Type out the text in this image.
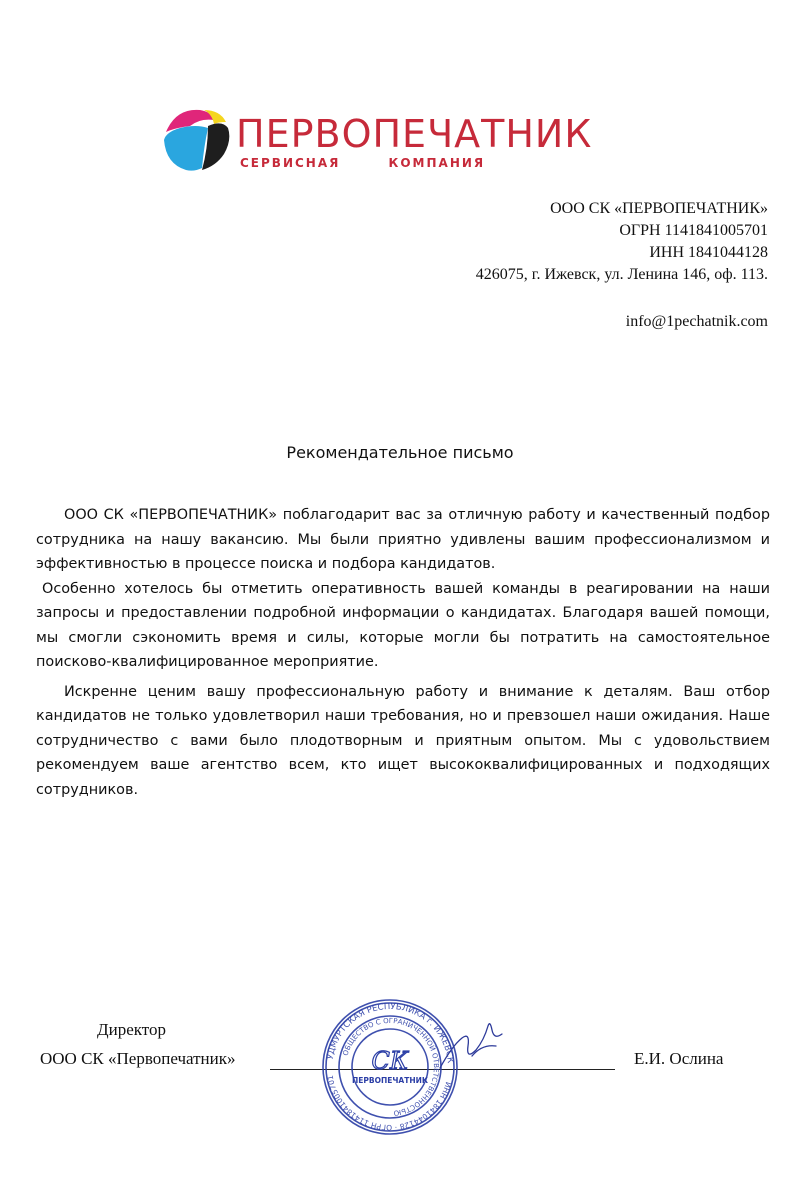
ПЕРВОПЕЧАТНИК
СЕРВИСНАЯ КОМПАНИЯ
ООО СК «ПЕРВОПЕЧАТНИК»
ОГРН 1141841005701
ИНН 1841044128
426075, г. Ижевск, ул. Ленина 146, оф. 113.
info@1pechatnik.com
Рекомендательное письмо

ООО СК «ПЕРВОПЕЧАТНИК» поблагодарит вас за отличную работу и качественный подбор сотрудника на нашу вакансию. Мы были приятно удивлены вашим профессионализмом и эффективностью в процессе поиска и подбора кандидатов.

Особенно хотелось бы отметить оперативность вашей команды в реагировании на наши запросы и предоставлении подробной информации о кандидатах. Благодаря вашей помощи, мы смогли сэкономить время и силы, которые могли бы потратить на самостоятельное поисково-квалифицированное мероприятие.

Искренне ценим вашу профессиональную работу и внимание к деталям. Ваш отбор кандидатов не только удовлетворил наши требования, но и превзошел наши ожидания. Наше сотрудничество с вами было плодотворным и приятным опытом. Мы с удовольствием рекомендуем ваше агентство всем, кто ищет высококвалифицированных и подходящих сотрудников.

Директор
ООО СК «Первопечатник»	Е.И. Ослина
УДМУРТСКАЯ РЕСПУБЛИКА г. ИЖЕВСК
ИНН 1841044128 · ОГРН 1141841005701
ОБЩЕСТВО С ОГРАНИЧЕННОЙ ОТВЕТСТВЕННОСТЬЮ
СК
ПЕРВОПЕЧАТНИК
